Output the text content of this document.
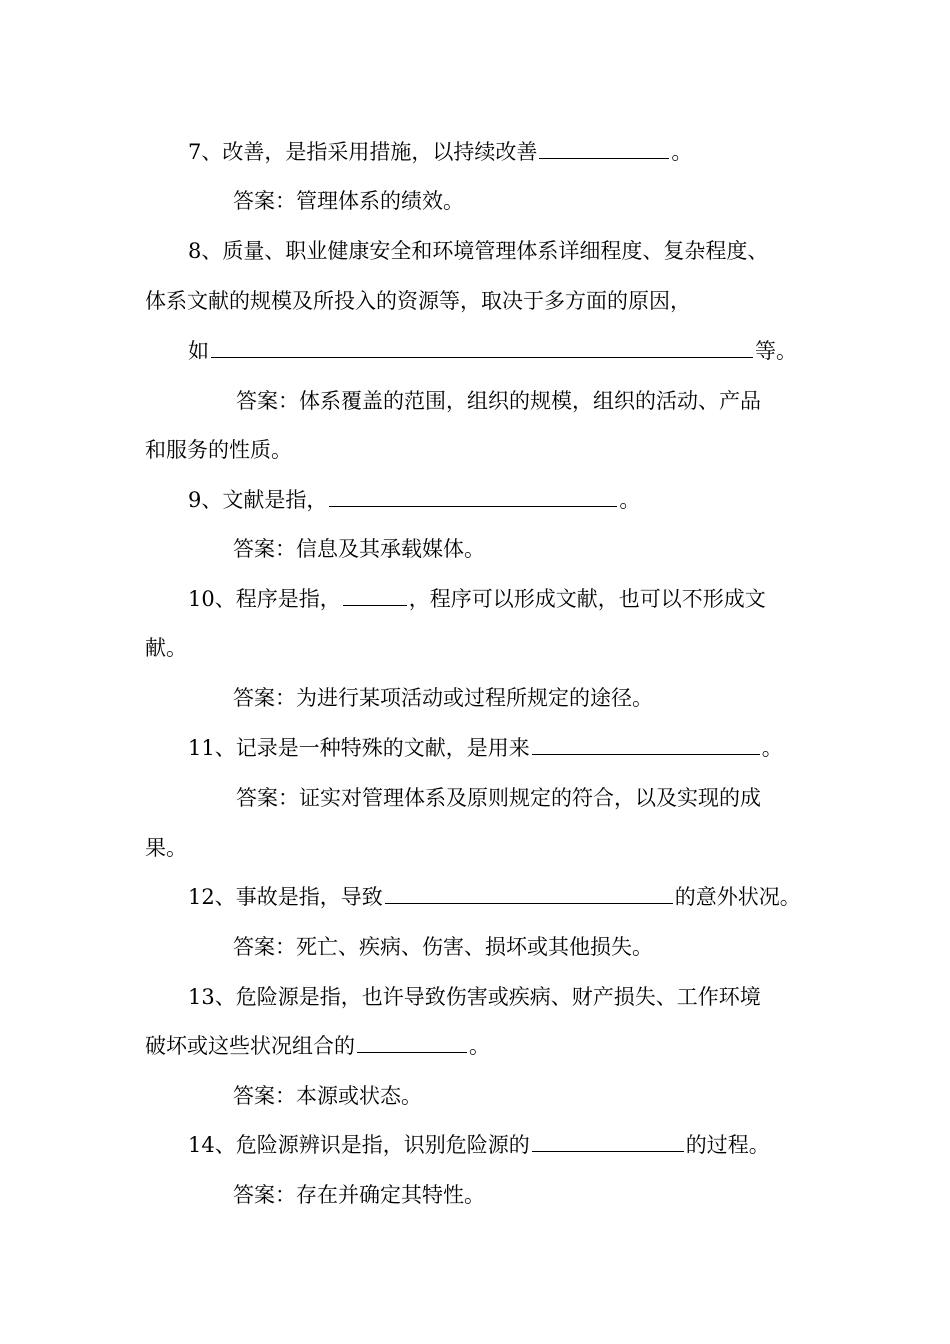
7、改善，是指采用措施，以持续改善	。
答案：管理体系的绩效。
8、质量、职业健康安全和环境管理体系详细程度、复杂程度、
体系文献的规模及所投入的资源等，取决于多方面的原因，
如	等。
答案：体系覆盖的范围，组织的规模，组织的活动、产品
和服务的性质。
9、文献是指，	。
答案：信息及其承载媒体。
10、程序是指，	，程序可以形成文献，也可以不形成文
献。
答案：为进行某项活动或过程所规定的途径。
11、记录是一种特殊的文献，是用来	。
答案：证实对管理体系及原则规定的符合，以及实现的成
果。
12、事故是指，导致	的意外状况。
答案：死亡、疾病、伤害、损坏或其他损失。
13、危险源是指，也许导致伤害或疾病、财产损失、工作环境
破坏或这些状况组合的	。
答案：本源或状态。
14、危险源辨识是指，识别危险源的	的过程。
答案：存在并确定其特性。
